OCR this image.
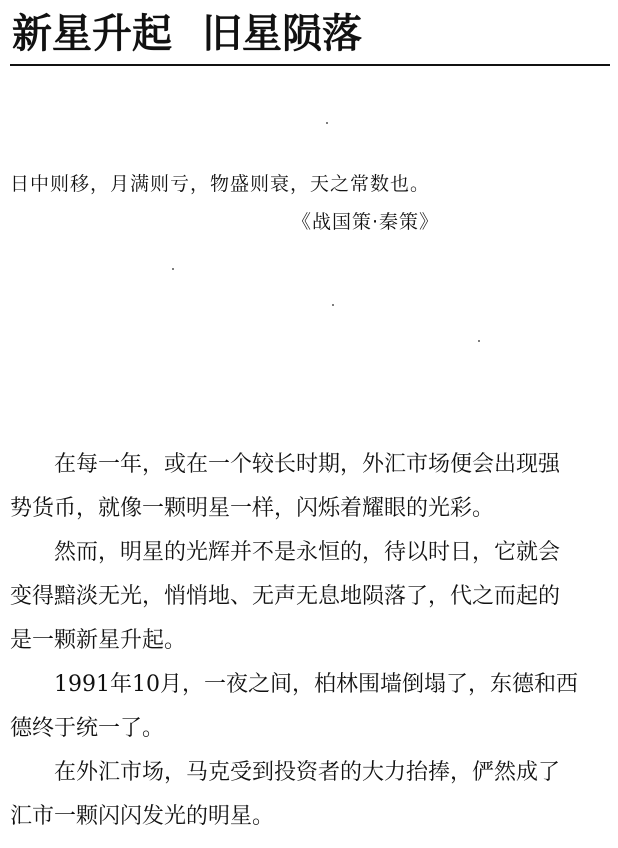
新星升起 旧星陨落
日中则移，月满则亏，物盛则衰，天之常数也。
《战国策·秦策》
在每一年，或在一个较长时期，外汇市场便会出现强
势货币，就像一颗明星一样，闪烁着耀眼的光彩。
然而，明星的光辉并不是永恒的，待以时日，它就会
变得黯淡无光，悄悄地、无声无息地陨落了，代之而起的
是一颗新星升起。
1991年10月，一夜之间，柏林围墙倒塌了，东德和西
德终于统一了。
在外汇市场，马克受到投资者的大力抬捧，俨然成了
汇市一颗闪闪发光的明星。
